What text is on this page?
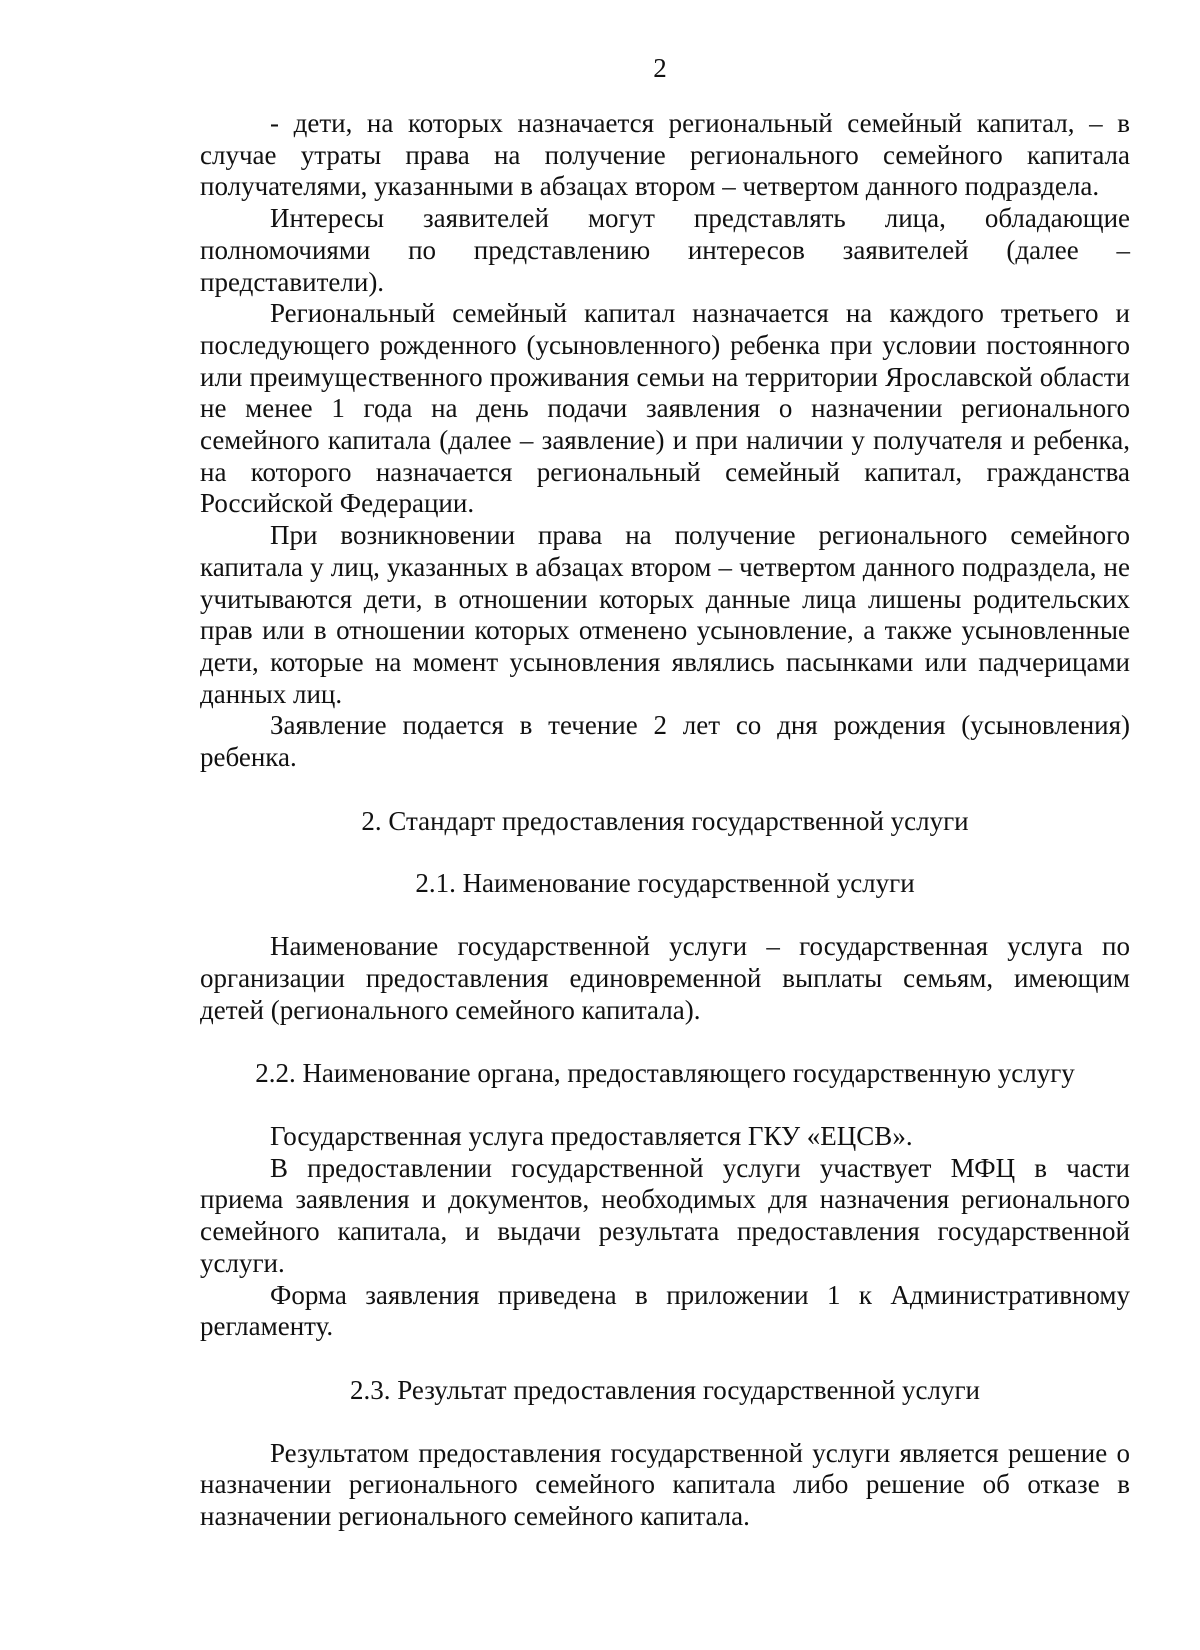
2

- дети, на которых назначается региональный семейный капитал, – в случае утраты права на получение регионального семейного капитала получателями, указанными в абзацах втором – четвертом данного подраздела.

Интересы заявителей могут представлять лица, обладающие полномочиями по представлению интересов заявителей (далее – представители).

Региональный семейный капитал назначается на каждого третьего и последующего рожденного (усыновленного) ребенка при условии постоянного или преимущественного проживания семьи на территории Ярославской области не менее 1 года на день подачи заявления о назначении регионального семейного капитала (далее – заявление) и при наличии у получателя и ребенка, на которого назначается региональный семейный капитал, гражданства Российской Федерации.

При возникновении права на получение регионального семейного капитала у лиц, указанных в абзацах втором – четвертом данного подраздела, не учитываются дети, в отношении которых данные лица лишены родительских прав или в отношении которых отменено усыновление, а также усыновленные дети, которые на момент усыновления являлись пасынками или падчерицами данных лиц.

Заявление подается в течение 2 лет со дня рождения (усыновления) ребенка.

2. Стандарт предоставления государственной услуги
2.1. Наименование государственной услуги

Наименование государственной услуги – государственная услуга по организации предоставления единовременной выплаты семьям, имеющим детей (регионального семейного капитала).

2.2. Наименование органа, предоставляющего государственную услугу

Государственная услуга предоставляется ГКУ «ЕЦСВ».

В предоставлении государственной услуги участвует МФЦ в части приема заявления и документов, необходимых для назначения регионального семейного капитала, и выдачи результата предоставления государственной услуги.

Форма заявления приведена в приложении 1 к Административному регламенту.

2.3. Результат предоставления государственной услуги

Результатом предоставления государственной услуги является решение о назначении регионального семейного капитала либо решение об отказе в назначении регионального семейного капитала.
